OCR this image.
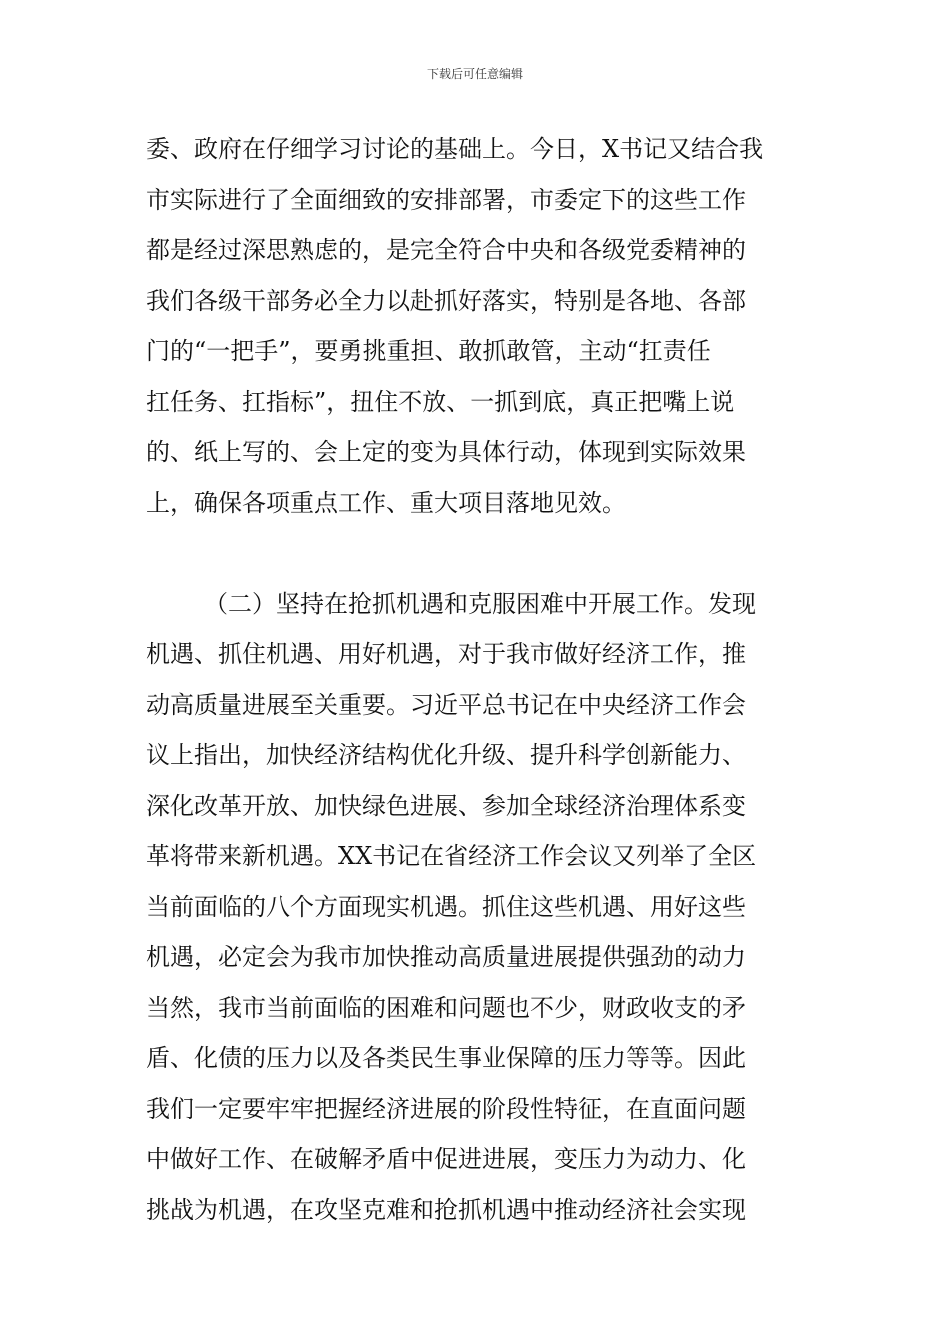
下载后可任意编辑
委、政府在仔细学习讨论的基础上。今日，X书记又结合我
市实际进行了全面细致的安排部署，市委定下的这些工作
都是经过深思熟虑的，是完全符合中央和各级党委精神的
我们各级干部务必全力以赴抓好落实，特别是各地、各部
门的“一把手”，要勇挑重担、敢抓敢管，主动“扛责任
扛任务、扛指标”，扭住不放、一抓到底，真正把嘴上说
的、纸上写的、会上定的变为具体行动，体现到实际效果
上，确保各项重点工作、重大项目落地见效。
（二）坚持在抢抓机遇和克服困难中开展工作。发现
机遇、抓住机遇、用好机遇，对于我市做好经济工作，推
动高质量进展至关重要。习近平总书记在中央经济工作会
议上指出，加快经济结构优化升级、提升科学创新能力、
深化改革开放、加快绿色进展、参加全球经济治理体系变
革将带来新机遇。XX书记在省经济工作会议又列举了全区
当前面临的八个方面现实机遇。抓住这些机遇、用好这些
机遇，必定会为我市加快推动高质量进展提供强劲的动力
当然，我市当前面临的困难和问题也不少，财政收支的矛
盾、化债的压力以及各类民生事业保障的压力等等。因此
我们一定要牢牢把握经济进展的阶段性特征，在直面问题
中做好工作、在破解矛盾中促进进展，变压力为动力、化
挑战为机遇，在攻坚克难和抢抓机遇中推动经济社会实现
